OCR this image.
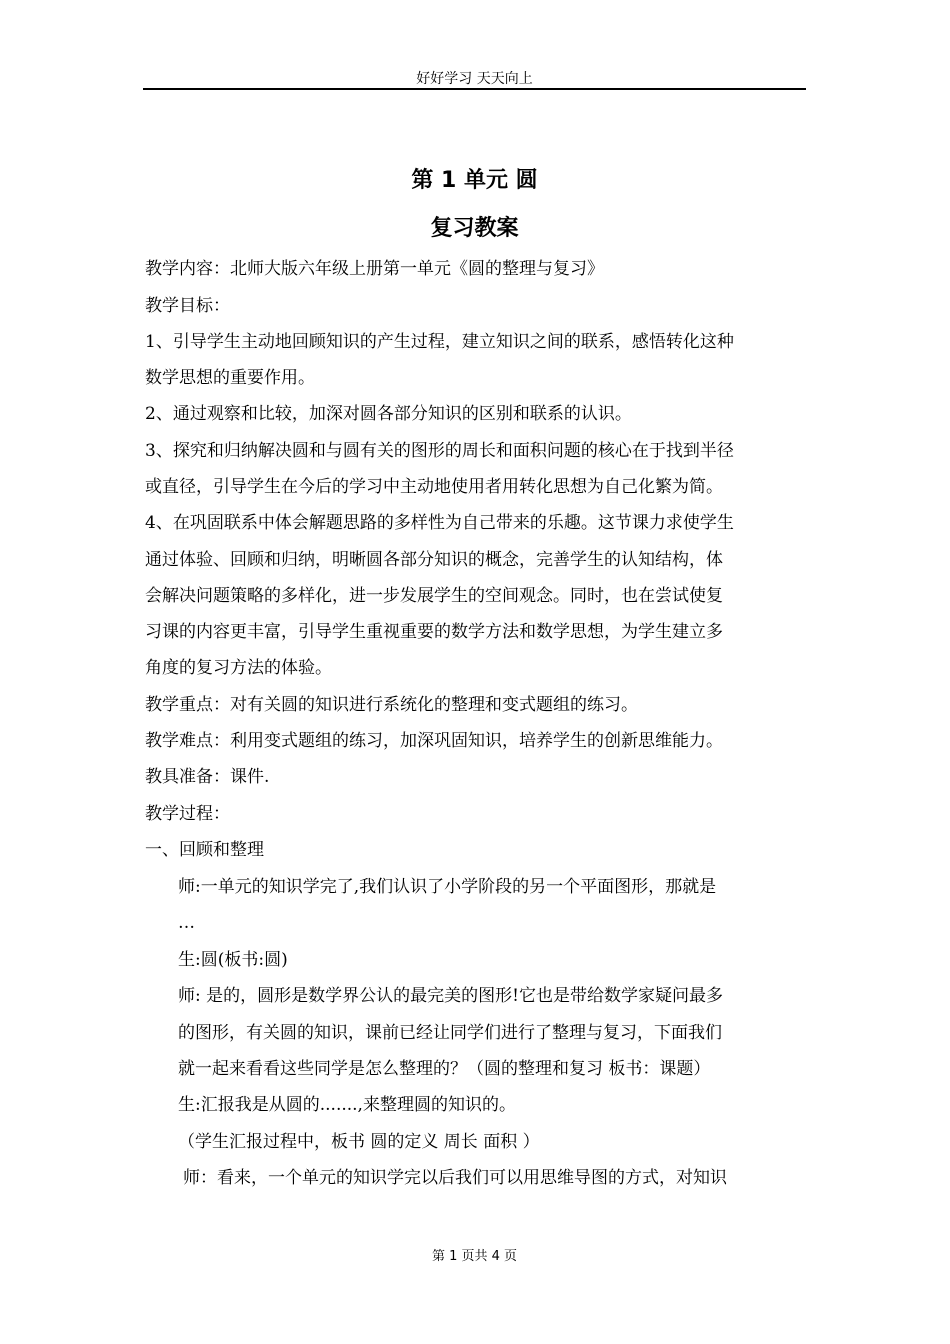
好好学习 天天向上
第 1 单元 圆
复习教案
教学内容：北师大版六年级上册第一单元《圆的整理与复习》
教学目标：
1、引导学生主动地回顾知识的产生过程，建立知识之间的联系，感悟转化这种
数学思想的重要作用。
2、通过观察和比较，加深对圆各部分知识的区别和联系的认识。
3、探究和归纳解决圆和与圆有关的图形的周长和面积问题的核心在于找到半径
或直径，引导学生在今后的学习中主动地使用者用转化思想为自己化繁为简。
4、在巩固联系中体会解题思路的多样性为自己带来的乐趣。这节课力求使学生
通过体验、回顾和归纳，明晰圆各部分知识的概念，完善学生的认知结构，体
会解决问题策略的多样化，进一步发展学生的空间观念。同时，也在尝试使复
习课的内容更丰富，引导学生重视重要的数学方法和数学思想，为学生建立多
角度的复习方法的体验。
教学重点：对有关圆的知识进行系统化的整理和变式题组的练习。
教学难点：利用变式题组的练习，加深巩固知识，培养学生的创新思维能力。
教具准备：课件.
教学过程：
一、回顾和整理
师:一单元的知识学完了,我们认识了小学阶段的另一个平面图形，那就是
…
生:圆(板书:圆)
师: 是的，圆形是数学界公认的最完美的图形!它也是带给数学家疑问最多
的图形，有关圆的知识，课前已经让同学们进行了整理与复习，下面我们
就一起来看看这些同学是怎么整理的？（圆的整理和复习 板书：课题）
生:汇报我是从圆的.......,来整理圆的知识的。
（学生汇报过程中，板书 圆的定义 周长 面积 ）
师：看来，一个单元的知识学完以后我们可以用思维导图的方式，对知识
第 1 页共 4 页
